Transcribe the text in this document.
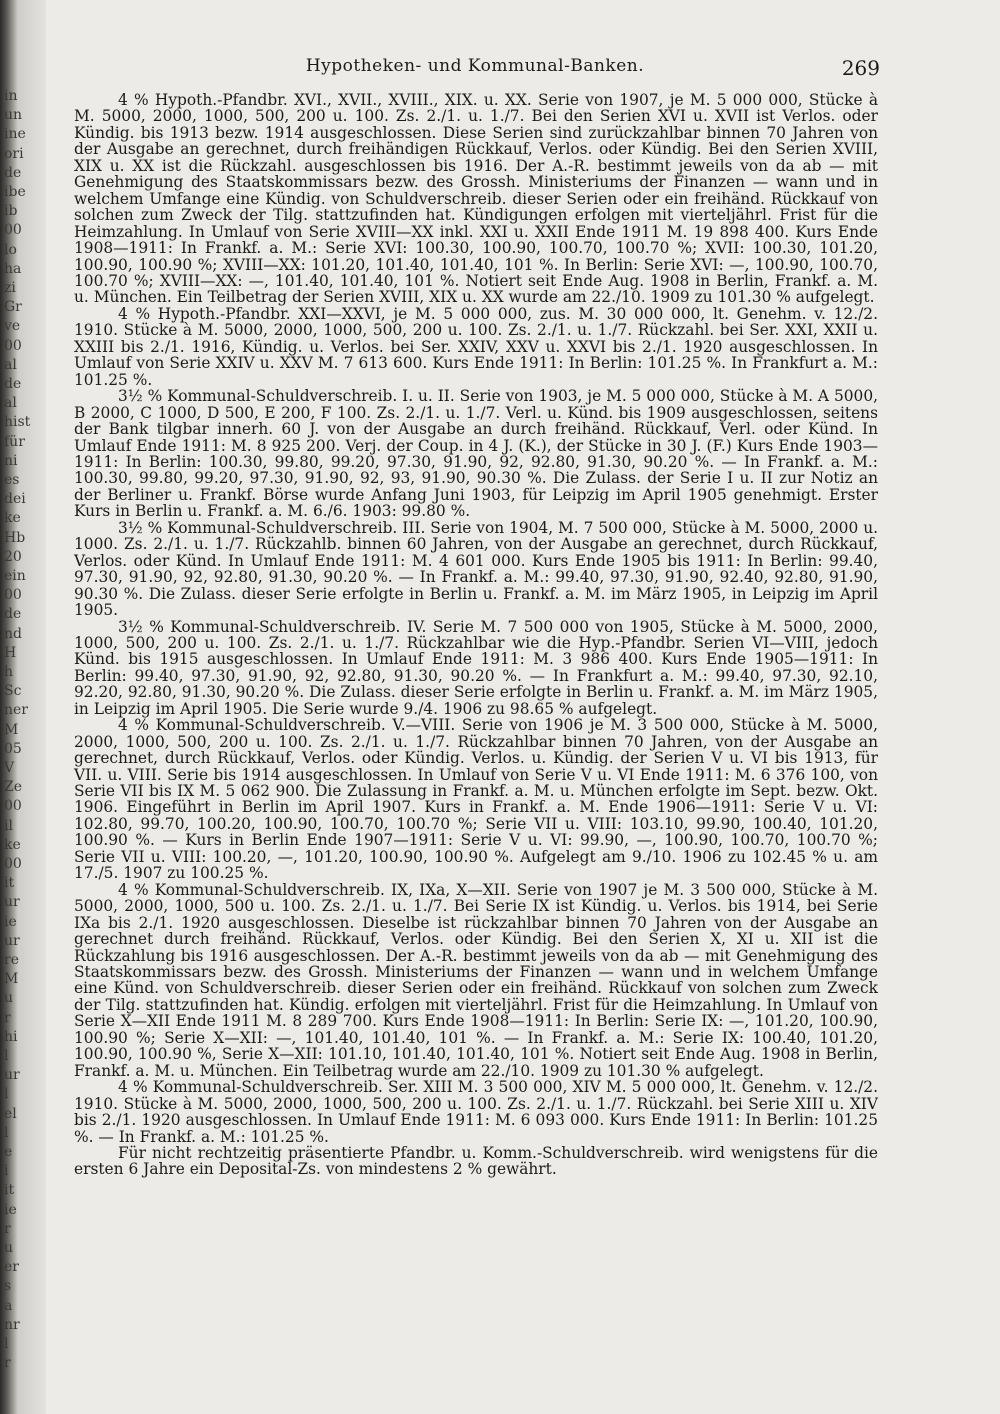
in
un
ine
ori
de
ibe
ib
00
lo
ha
zi
Gr
ve
00
al
de
al
hist
für
ni
es
dei
ke
Hb
20
ein
00
de
nd
H
h
Sc
ner
M
05
V
Ze
00
il
ke
00
it
ur
ie
ur
re
M
u
r
hi
l
ur
l
el
l
e
i
it
ie
r
u
er
s
a
nr
l
r
Hypotheken- und Kommunal-Banken.	269

4 % Hypoth.-Pfandbr. XVI., XVII., XVIII., XIX. u. XX. Serie von 1907, je M. 5 000 000, Stücke à M. 5000, 2000, 1000, 500, 200 u. 100. Zs. 2./1. u. 1./7. Bei den Serien XVI u. XVII ist Verlos. oder Kündig. bis 1913 bezw. 1914 ausgeschlossen. Diese Serien sind zurückzahlbar binnen 70 Jahren von der Ausgabe an gerechnet, durch freihändigen Rückkauf, Verlos. oder Kündig. Bei den Serien XVIII, XIX u. XX ist die Rückzahl. ausgeschlossen bis 1916. Der A.-R. bestimmt jeweils von da ab — mit Genehmigung des Staatskommissars bezw. des Grossh. Ministeriums der Finanzen — wann und in welchem Umfange eine Kündig. von Schuldverschreib. dieser Serien oder ein freihänd. Rückkauf von solchen zum Zweck der Tilg. stattzufinden hat. Kündigungen erfolgen mit vierteljährl. Frist für die Heimzahlung. In Umlauf von Serie XVIII—XX inkl. XXI u. XXII Ende 1911 M. 19 898 400. Kurs Ende 1908—1911: In Frankf. a. M.: Serie XVI: 100.30, 100.90, 100.70, 100.70 %; XVII: 100.30, 101.20, 100.90, 100.90 %; XVIII—XX: 101.20, 101.40, 101.40, 101 %. In Berlin: Serie XVI: —, 100.90, 100.70, 100.70 %; XVIII—XX: —, 101.40, 101.40, 101 %. Notiert seit Ende Aug. 1908 in Berlin, Frankf. a. M. u. München. Ein Teilbetrag der Serien XVIII, XIX u. XX wurde am 22./10. 1909 zu 101.30 % aufgelegt.

4 % Hypoth.-Pfandbr. XXI—XXVI, je M. 5 000 000, zus. M. 30 000 000, lt. Genehm. v. 12./2. 1910. Stücke à M. 5000, 2000, 1000, 500, 200 u. 100. Zs. 2./1. u. 1./7. Rückzahl. bei Ser. XXI, XXII u. XXIII bis 2./1. 1916, Kündig. u. Verlos. bei Ser. XXIV, XXV u. XXVI bis 2./1. 1920 ausgeschlossen. In Umlauf von Serie XXIV u. XXV M. 7 613 600. Kurs Ende 1911: In Berlin: 101.25 %. In Frankfurt a. M.: 101.25 %.

3½ % Kommunal-Schuldverschreib. I. u. II. Serie von 1903, je M. 5 000 000, Stücke à M. A 5000, B 2000, C 1000, D 500, E 200, F 100. Zs. 2./1. u. 1./7. Verl. u. Künd. bis 1909 ausgeschlossen, seitens der Bank tilgbar innerh. 60 J. von der Ausgabe an durch freihänd. Rückkauf, Verl. oder Künd. In Umlauf Ende 1911: M. 8 925 200. Verj. der Coup. in 4 J. (K.), der Stücke in 30 J. (F.) Kurs Ende 1903—1911: In Berlin: 100.30, 99.80, 99.20, 97.30, 91.90, 92, 92.80, 91.30, 90.20 %. — In Frankf. a. M.: 100.30, 99.80, 99.20, 97.30, 91.90, 92, 93, 91.90, 90.30 %. Die Zulass. der Serie I u. II zur Notiz an der Berliner u. Frankf. Börse wurde Anfang Juni 1903, für Leipzig im April 1905 genehmigt. Erster Kurs in Berlin u. Frankf. a. M. 6./6. 1903: 99.80 %.

3½ % Kommunal-Schuldverschreib. III. Serie von 1904, M. 7 500 000, Stücke à M. 5000, 2000 u. 1000. Zs. 2./1. u. 1./7. Rückzahlb. binnen 60 Jahren, von der Ausgabe an gerechnet, durch Rückkauf, Verlos. oder Künd. In Umlauf Ende 1911: M. 4 601 000. Kurs Ende 1905 bis 1911: In Berlin: 99.40, 97.30, 91.90, 92, 92.80, 91.30, 90.20 %. — In Frankf. a. M.: 99.40, 97.30, 91.90, 92.40, 92.80, 91.90, 90.30 %. Die Zulass. dieser Serie erfolgte in Berlin u. Frankf. a. M. im März 1905, in Leipzig im April 1905.

3½ % Kommunal-Schuldverschreib. IV. Serie M. 7 500 000 von 1905, Stücke à M. 5000, 2000, 1000, 500, 200 u. 100. Zs. 2./1. u. 1./7. Rückzahlbar wie die Hyp.-Pfandbr. Serien VI—VIII, jedoch Künd. bis 1915 ausgeschlossen. In Umlauf Ende 1911: M. 3 986 400. Kurs Ende 1905—1911: In Berlin: 99.40, 97.30, 91.90, 92, 92.80, 91.30, 90.20 %. — In Frankfurt a. M.: 99.40, 97.30, 92.10, 92.20, 92.80, 91.30, 90.20 %. Die Zulass. dieser Serie erfolgte in Berlin u. Frankf. a. M. im März 1905, in Leipzig im April 1905. Die Serie wurde 9./4. 1906 zu 98.65 % aufgelegt.

4 % Kommunal-Schuldverschreib. V.—VIII. Serie von 1906 je M. 3 500 000, Stücke à M. 5000, 2000, 1000, 500, 200 u. 100. Zs. 2./1. u. 1./7. Rückzahlbar binnen 70 Jahren, von der Ausgabe an gerechnet, durch Rückkauf, Verlos. oder Kündig. Verlos. u. Kündig. der Serien V u. VI bis 1913, für VII. u. VIII. Serie bis 1914 ausgeschlossen. In Umlauf von Serie V u. VI Ende 1911: M. 6 376 100, von Serie VII bis IX M. 5 062 900. Die Zulassung in Frankf. a. M. u. München erfolgte im Sept. bezw. Okt. 1906. Eingeführt in Berlin im April 1907. Kurs in Frankf. a. M. Ende 1906—1911: Serie V u. VI: 102.80, 99.70, 100.20, 100.90, 100.70, 100.70 %; Serie VII u. VIII: 103.10, 99.90, 100.40, 101.20, 100.90 %. — Kurs in Berlin Ende 1907—1911: Serie V u. VI: 99.90, —, 100.90, 100.70, 100.70 %; Serie VII u. VIII: 100.20, —, 101.20, 100.90, 100.90 %. Aufgelegt am 9./10. 1906 zu 102.45 % u. am 17./5. 1907 zu 100.25 %.

4 % Kommunal-Schuldverschreib. IX, IXa, X—XII. Serie von 1907 je M. 3 500 000, Stücke à M. 5000, 2000, 1000, 500 u. 100. Zs. 2./1. u. 1./7. Bei Serie IX ist Kündig. u. Verlos. bis 1914, bei Serie IXa bis 2./1. 1920 ausgeschlossen. Dieselbe ist rückzahlbar binnen 70 Jahren von der Ausgabe an gerechnet durch freihänd. Rückkauf, Verlos. oder Kündig. Bei den Serien X, XI u. XII ist die Rückzahlung bis 1916 ausgeschlossen. Der A.-R. bestimmt jeweils von da ab — mit Genehmigung des Staatskommissars bezw. des Grossh. Ministeriums der Finanzen — wann und in welchem Umfange eine Künd. von Schuldverschreib. dieser Serien oder ein freihänd. Rückkauf von solchen zum Zweck der Tilg. stattzufinden hat. Kündig. erfolgen mit vierteljährl. Frist für die Heimzahlung. In Umlauf von Serie X—XII Ende 1911 M. 8 289 700. Kurs Ende 1908—1911: In Berlin: Serie IX: —, 101.20, 100.90, 100.90 %; Serie X—XII: —, 101.40, 101.40, 101 %. — In Frankf. a. M.: Serie IX: 100.40, 101.20, 100.90, 100.90 %, Serie X—XII: 101.10, 101.40, 101.40, 101 %. Notiert seit Ende Aug. 1908 in Berlin, Frankf. a. M. u. München. Ein Teilbetrag wurde am 22./10. 1909 zu 101.30 % aufgelegt.

4 % Kommunal-Schuldverschreib. Ser. XIII M. 3 500 000, XIV M. 5 000 000, lt. Genehm. v. 12./2. 1910. Stücke à M. 5000, 2000, 1000, 500, 200 u. 100. Zs. 2./1. u. 1./7. Rückzahl. bei Serie XIII u. XIV bis 2./1. 1920 ausgeschlossen. In Umlauf Ende 1911: M. 6 093 000. Kurs Ende 1911: In Berlin: 101.25 %. — In Frankf. a. M.: 101.25 %.

Für nicht rechtzeitig präsentierte Pfandbr. u. Komm.-Schuldverschreib. wird wenigstens für die ersten 6 Jahre ein Deposital-Zs. von mindestens 2 % gewährt.
